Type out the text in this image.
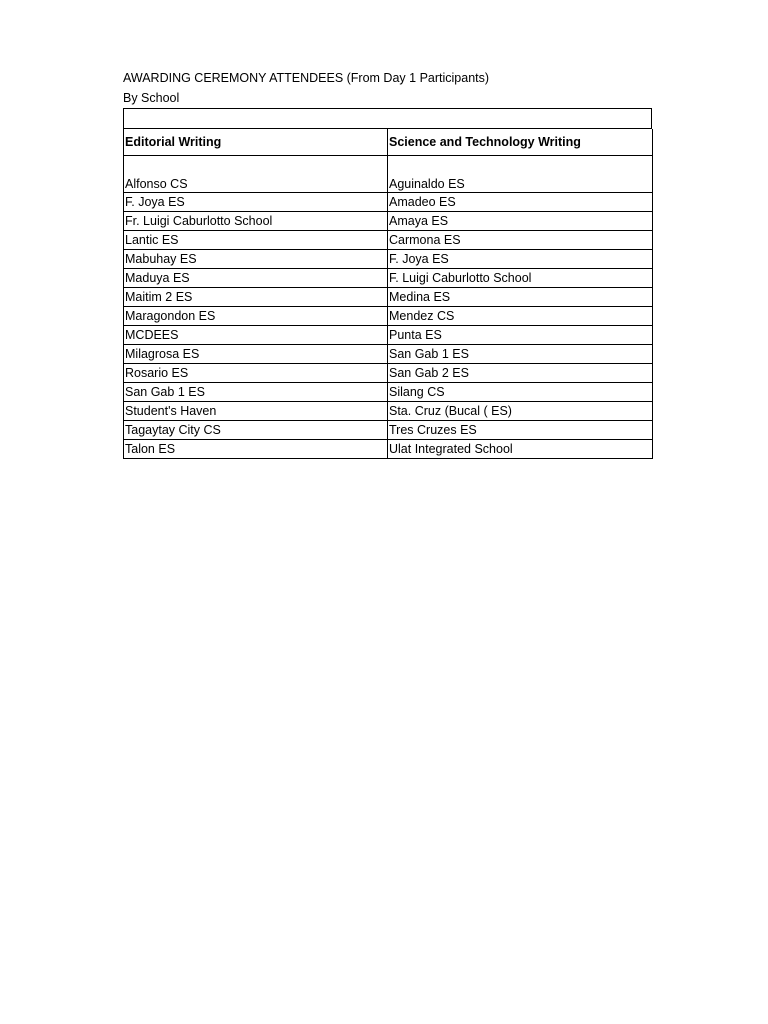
AWARDING CEREMONY ATTENDEES (From Day 1 Participants)
By School
Editorial Writing	Science and Technology Writing
Alfonso CS	Aguinaldo ES
F. Joya ES	Amadeo ES
Fr. Luigi Caburlotto School	Amaya ES
Lantic ES	Carmona ES
Mabuhay ES	F. Joya ES
Maduya ES	F. Luigi Caburlotto School
Maitim 2 ES	Medina ES
Maragondon ES	Mendez CS
MCDEES	Punta ES
Milagrosa ES	San Gab 1 ES
Rosario ES	San Gab 2 ES
San Gab 1 ES	Silang CS
Student's Haven	Sta. Cruz (Bucal ( ES)
Tagaytay City CS	Tres Cruzes ES
Talon ES	Ulat Integrated School
